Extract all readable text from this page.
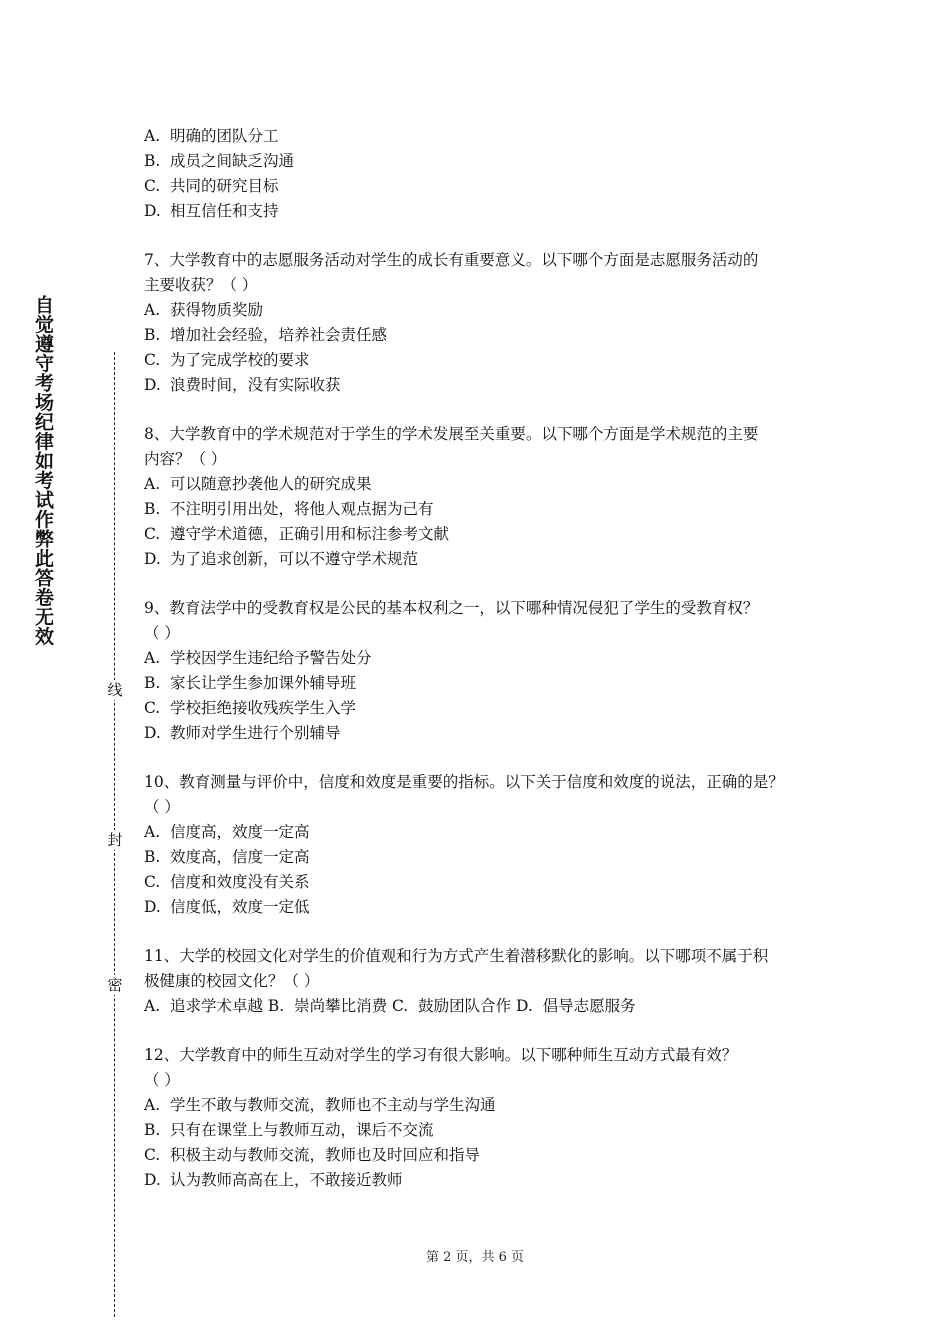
自觉遵守考场纪律如考试作弊此答卷无效
线
封
密
A. 明确的团队分工
B. 成员之间缺乏沟通
C. 共同的研究目标
D. 相互信任和支持
7、大学教育中的志愿服务活动对学生的成长有重要意义。以下哪个方面是志愿服务活动的
主要收获？（ ）
A. 获得物质奖励
B. 增加社会经验，培养社会责任感
C. 为了完成学校的要求
D. 浪费时间，没有实际收获
8、大学教育中的学术规范对于学生的学术发展至关重要。以下哪个方面是学术规范的主要
内容？（ ）
A. 可以随意抄袭他人的研究成果
B. 不注明引用出处，将他人观点据为己有
C. 遵守学术道德，正确引用和标注参考文献
D. 为了追求创新，可以不遵守学术规范
9、教育法学中的受教育权是公民的基本权利之一，以下哪种情况侵犯了学生的受教育权？
（ ）
A. 学校因学生违纪给予警告处分
B. 家长让学生参加课外辅导班
C. 学校拒绝接收残疾学生入学
D. 教师对学生进行个别辅导
10、教育测量与评价中，信度和效度是重要的指标。以下关于信度和效度的说法，正确的是？
（ ）
A. 信度高，效度一定高
B. 效度高，信度一定高
C. 信度和效度没有关系
D. 信度低，效度一定低
11、大学的校园文化对学生的价值观和行为方式产生着潜移默化的影响。以下哪项不属于积
极健康的校园文化？（ ）
A.  追求学术卓越 B.  崇尚攀比消费 C.  鼓励团队合作 D.  倡导志愿服务
12、大学教育中的师生互动对学生的学习有很大影响。以下哪种师生互动方式最有效？
（ ）
A. 学生不敢与教师交流，教师也不主动与学生沟通
B. 只有在课堂上与教师互动，课后不交流
C. 积极主动与教师交流，教师也及时回应和指导
D. 认为教师高高在上，不敢接近教师
第 2 页，共 6 页
